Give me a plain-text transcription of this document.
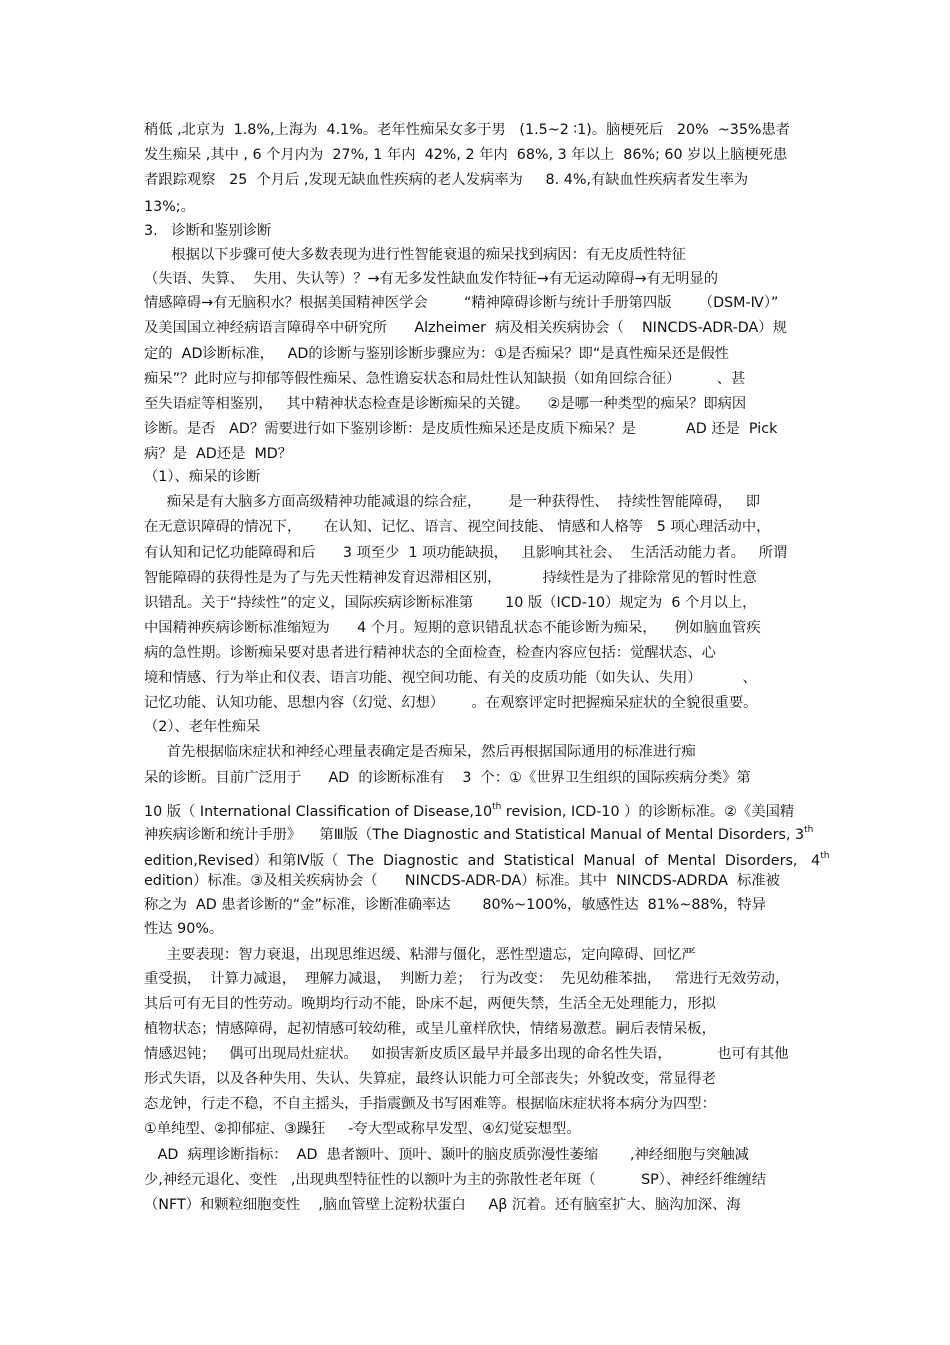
稍低 ,北京为  1.8%,上海为  4.1%。老年性痴呆女多于男   (1.5~2 ∶1)。脑梗死后   20%  ~35%患者
发生痴呆 ,其中 , 6 个月内为  27%, 1 年内  42%, 2 年内  68%, 3 年以上  86%; 60 岁以上脑梗死患
者跟踪观察   25  个月后 ,发现无缺血性疾病的老人发病率为     8. 4%,有缺血性疾病者发生率为
13%;。
3.   诊断和鉴别诊断
根据以下步骤可使大多数表现为进行性智能衰退的痴呆找到病因：有无皮质性特征
（失语、失算、  失用、失认等）？→有无多发性缺血发作特征→有无运动障碍→有无明显的
情感障碍→有无脑积水？根据美国精神医学会        “精神障碍诊断与统计手册第四版      （DSM-Ⅳ）”
及美国国立神经病语言障碍卒中研究所      Alzheimer  病及相关疾病协会（    NINCDS-ADR-DA）规
定的  AD诊断标准，   AD的诊断与鉴别诊断步骤应为：①是否痴呆？即“是真性痴呆还是假性
痴呆”？此时应与抑郁等假性痴呆、急性谵妄状态和局灶性认知缺损（如角回综合征）        、甚
至失语症等相鉴别，   其中精神状态检查是诊断痴呆的关键。    ②是哪一种类型的痴呆？即病因
诊断。是否   AD？需要进行如下鉴别诊断：是皮质性痴呆还是皮质下痴呆？是           AD 还是  Pick
病？是  AD还是  MD？
（1）、痴呆的诊断
痴呆是有大脑多方面高级精神功能减退的综合症，      是一种获得性、  持续性智能障碍，   即
在无意识障碍的情况下，     在认知、记忆、语言、视空间技能、 情感和人格等   5 项心理活动中，
有认知和记忆功能障碍和后      3 项至少  1 项功能缺损，   且影响其社会、  生活活动能力者。   所谓
智能障碍的获得性是为了与先天性精神发育迟滞相区别，         持续性是为了排除常见的暂时性意
识错乱。关于“持续性”的定义，国际疾病诊断标准第       10 版（ICD-10）规定为  6 个月以上，
中国精神疾病诊断标准缩短为      4 个月。短期的意识错乱状态不能诊断为痴呆，    例如脑血管疾
病的急性期。诊断痴呆要对患者进行精神状态的全面检查，检查内容应包括：觉醒状态、心
境和情感、行为举止和仪表、语言功能、视空间功能、有关的皮质功能（如失认、失用）         、
记忆功能、认知功能、思想内容（幻觉、幻想）      。在观察评定时把握痴呆症状的全貌很重要。
（2）、老年性痴呆
首先根据临床症状和神经心理量表确定是否痴呆，然后再根据国际通用的标准进行痴
呆的诊断。目前广泛用于      AD  的诊断标准有    3  个：①《世界卫生组织的国际疾病分类》第
10 版（ International Classification of Disease,10th revision, ICD-10 ）的诊断标准。②《美国精
神疾病诊断和统计手册》    第Ⅲ版（The Diagnostic and Statistical Manual of Mental Disorders, 3th
edition,Revised）和第Ⅳ版（  The  Diagnostic  and  Statistical  Manual  of  Mental  Disorders,   4th
edition）标准。③及相关疾病协会（      NINCDS-ADR-DA）标准。其中  NINCDS-ADRDA  标准被
称之为  AD 患者诊断的“金”标准，诊断准确率达       80%~100%，敏感性达  81%~88%，特异
性达 90%。
主要表现：智力衰退，出现思维迟缓、粘滞与僵化，恶性型遗忘，定向障碍、回忆严
重受损，  计算力减退，  理解力减退，  判断力差；  行为改变：  先见幼稚苯拙，   常进行无效劳动，
其后可有无目的性劳动。晚期均行动不能，卧床不起，两便失禁，生活全无处理能力，形拟
植物状态；情感障碍，起初情感可较幼稚，或呈儿童样欣快，情绪易激惹。嗣后表情呆板，
情感迟钝；   偶可出现局灶症状。   如损害新皮质区最早并最多出现的命名性失语，          也可有其他
形式失语，以及各种失用、失认、失算症，最终认识能力可全部丧失；外貌改变，常显得老
态龙钟，行走不稳，不自主摇头，手指震颤及书写困难等。根据临床症状将本病分为四型：
①单纯型、②抑郁症、③躁狂     -夸大型或称早发型、④幻觉妄想型。
AD  病理诊断指标：  AD  患者额叶、顶叶、颞叶的脑皮质弥漫性萎缩       ,神经细胞与突触减
少,神经元退化、变性   ,出现典型特征性的以额叶为主的弥散性老年斑（          SP）、神经纤维缠结
（NFT）和颗粒细胞变性    ,脑血管壁上淀粉状蛋白     Aβ 沉着。还有脑室扩大、脑沟加深、海
